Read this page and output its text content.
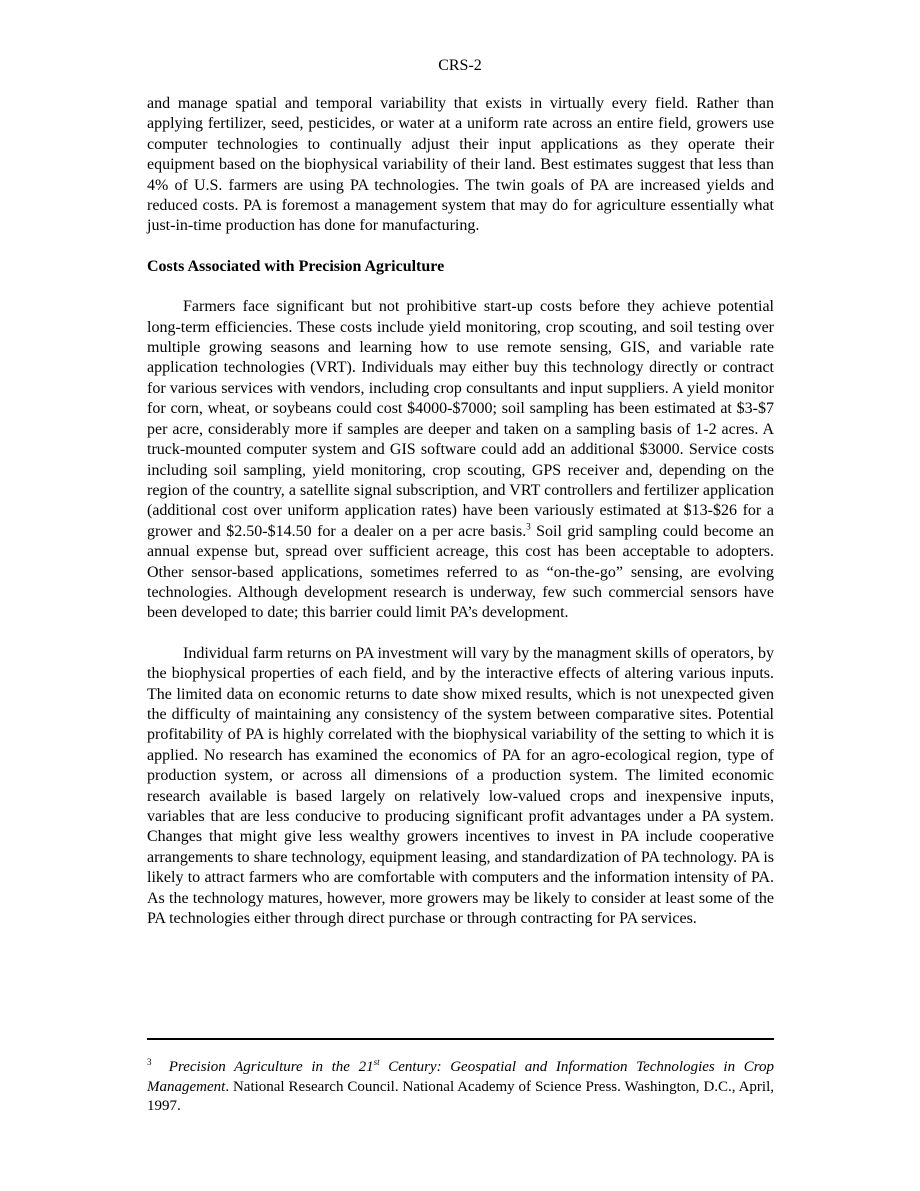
CRS-2

and manage spatial and temporal variability that exists in virtually every field. Rather than applying fertilizer, seed, pesticides, or water at a uniform rate across an entire field, growers use computer technologies to continually adjust their input applications as they operate their equipment based on the biophysical variability of their land. Best estimates suggest that less than 4% of U.S. farmers are using PA technologies. The twin goals of PA are increased yields and reduced costs. PA is foremost a management system that may do for agriculture essentially what just-in-time production has done for manufacturing.

Costs Associated with Precision Agriculture

Farmers face significant but not prohibitive start-up costs before they achieve potential long-term efficiencies. These costs include yield monitoring, crop scouting, and soil testing over multiple growing seasons and learning how to use remote sensing, GIS, and variable rate application technologies (VRT). Individuals may either buy this technology directly or contract for various services with vendors, including crop consultants and input suppliers. A yield monitor for corn, wheat, or soybeans could cost $4000-$7000; soil sampling has been estimated at $3-$7 per acre, considerably more if samples are deeper and taken on a sampling basis of 1-2 acres. A truck-mounted computer system and GIS software could add an additional $3000. Service costs including soil sampling, yield monitoring, crop scouting, GPS receiver and, depending on the region of the country, a satellite signal subscription, and VRT controllers and fertilizer application (additional cost over uniform application rates) have been variously estimated at $13-$26 for a grower and $2.50-$14.50 for a dealer on a per acre basis.$^3$ Soil grid sampling could become an annual expense but, spread over sufficient acreage, this cost has been acceptable to adopters. Other sensor-based applications, sometimes referred to as “on-the-go” sensing, are evolving technologies. Although development research is underway, few such commercial sensors have been developed to date; this barrier could limit PA’s development.

Individual farm returns on PA investment will vary by the managment skills of operators, by the biophysical properties of each field, and by the interactive effects of altering various inputs. The limited data on economic returns to date show mixed results, which is not unexpected given the difficulty of maintaining any consistency of the system between comparative sites. Potential profitability of PA is highly correlated with the biophysical variability of the setting to which it is applied. No research has examined the economics of PA for an agro-ecological region, type of production system, or across all dimensions of a production system. The limited economic research available is based largely on relatively low-valued crops and inexpensive inputs, variables that are less conducive to producing significant profit advantages under a PA system. Changes that might give less wealthy growers incentives to invest in PA include cooperative arrangements to share technology, equipment leasing, and standardization of PA technology. PA is likely to attract farmers who are comfortable with computers and the information intensity of PA. As the technology matures, however, more growers may be likely to consider at least some of the PA technologies either through direct purchase or through contracting for PA services.

$^3$ Precision Agriculture in the 21st Century: Geospatial and Information Technologies in Crop Management. National Research Council. National Academy of Science Press. Washington, D.C., April, 1997.
